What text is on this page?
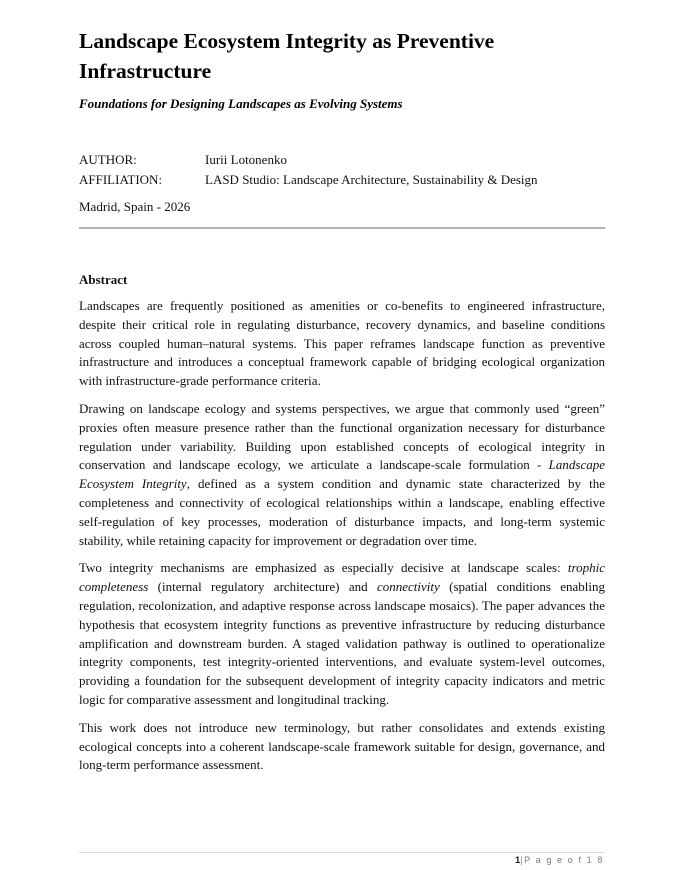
Landscape Ecosystem Integrity as Preventive Infrastructure
Foundations for Designing Landscapes as Evolving Systems
AUTHOR:	Iurii Lotonenko
AFFILIATION:	LASD Studio: Landscape Architecture, Sustainability & Design
Madrid, Spain - 2026
Abstract

Landscapes are frequently positioned as amenities or co-benefits to engineered infrastructure, despite their critical role in regulating disturbance, recovery dynamics, and baseline conditions across coupled human–natural systems. This paper reframes landscape function as preventive infrastructure and introduces a conceptual framework capable of bridging ecological organization with infrastructure-grade performance criteria.

Drawing on landscape ecology and systems perspectives, we argue that commonly used “green” proxies often measure presence rather than the functional organization necessary for disturbance regulation under variability. Building upon established concepts of ecological integrity in conservation and landscape ecology, we articulate a landscape-scale formulation - Landscape Ecosystem Integrity, defined as a system condition and dynamic state characterized by the completeness and connectivity of ecological relationships within a landscape, enabling effective self-regulation of key processes, moderation of disturbance impacts, and long-term systemic stability, while retaining capacity for improvement or degradation over time.

Two integrity mechanisms are emphasized as especially decisive at landscape scales: trophic completeness (internal regulatory architecture) and connectivity (spatial conditions enabling regulation, recolonization, and adaptive response across landscape mosaics). The paper advances the hypothesis that ecosystem integrity functions as preventive infrastructure by reducing disturbance amplification and downstream burden. A staged validation pathway is outlined to operationalize integrity components, test integrity-oriented interventions, and evaluate system-level outcomes, providing a foundation for the subsequent development of integrity capacity indicators and metric logic for comparative assessment and longitudinal tracking.

This work does not introduce new terminology, but rather consolidates and extends existing ecological concepts into a coherent landscape-scale framework suitable for design, governance, and long-term performance assessment.

1|P a g e o f 1 8
